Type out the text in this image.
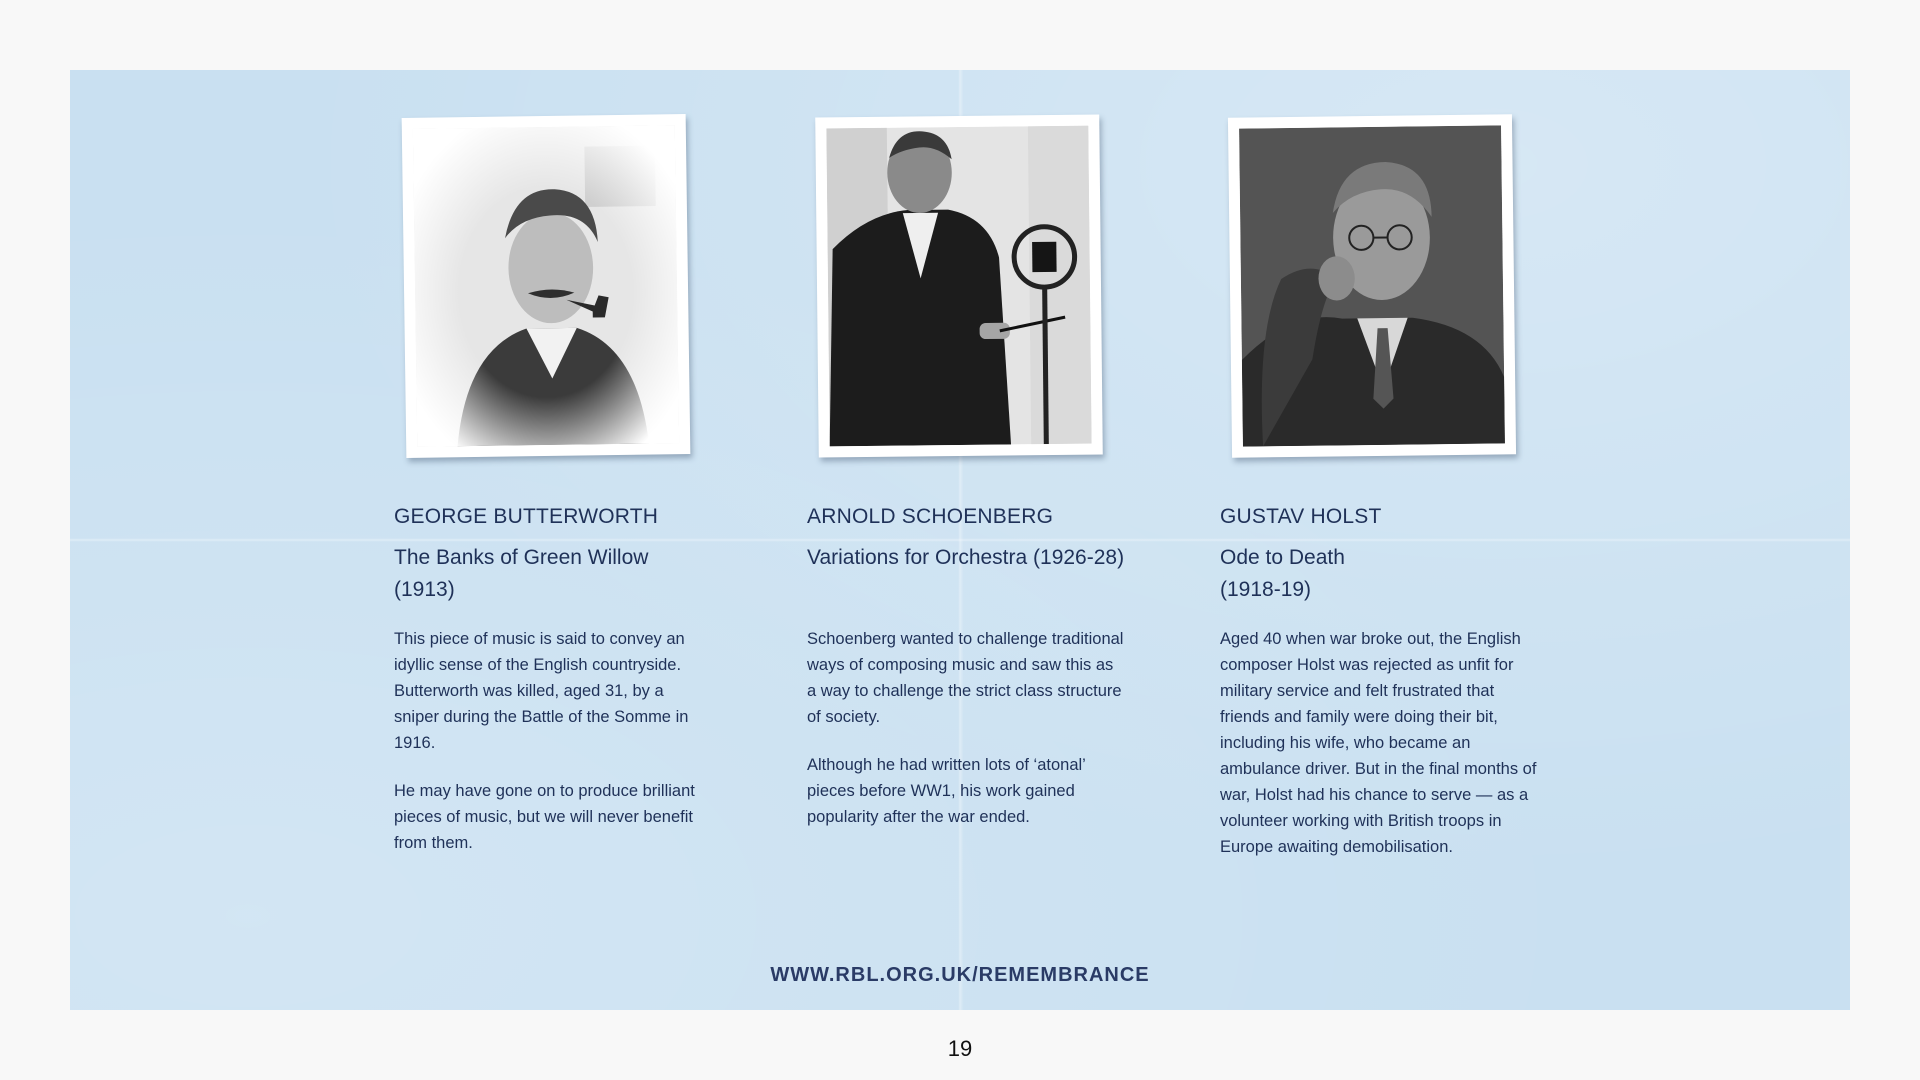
GEORGE BUTTERWORTH
The Banks of Green Willow (1913)

This piece of music is said to convey an idyllic sense of the English countryside. Butterworth was killed, aged 31, by a sniper during the Battle of the Somme in 1916.

He may have gone on to produce brilliant pieces of music, but we will never benefit from them.

ARNOLD SCHOENBERG
Variations for Orchestra (1926-28)

Schoenberg wanted to challenge traditional ways of composing music and saw this as a way to challenge the strict class structure of society.

Although he had written lots of ‘atonal’ pieces before WW1, his work gained popularity after the war ended.

GUSTAV HOLST
Ode to Death
(1918-19)

Aged 40 when war broke out, the English composer Holst was rejected as unfit for military service and felt frustrated that friends and family were doing their bit, including his wife, who became an ambulance driver. But in the final months of war, Holst had his chance to serve — as a volunteer working with British troops in Europe awaiting demobilisation.

WWW.RBL.ORG.UK/REMEMBRANCE
19
